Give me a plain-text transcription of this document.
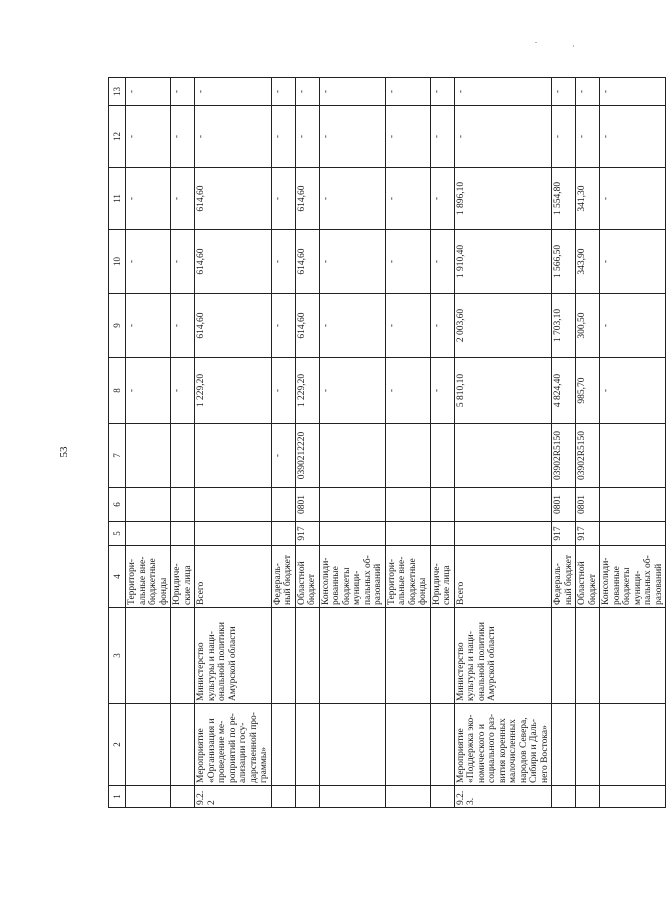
53
.
·
1	2	3	4	5	6	7	8	9	10	11	12	13
			Территори-альные вне-бюджетные фонды				-	-	-	-	-	-
			Юридиче-ские лица				-	-	-	-	-	-
9.2.2	Мероприятие «Организация и проведение ме-роприятий по ре-ализации госу-дарственной про-граммы»	Министерство культуры и наци-ональной политики Амурской области	Всего				1 229,20	614,60	614,60	614,60	-	-
			Федераль-ный бюджет			-	-	-	-	-	-	-
			Областной бюджет	917	0801	0390212220	1 229,20	614,60	614,60	614,60	-	-
			Консолиди-рованные бюджеты муници-пальных об-разований				-	-	-	-	-	-
			Территори-альные вне-бюджетные фонды				-	-	-	-	-	-
			Юридиче-ские лица				-	-	-	-	-	-
9.2.3.	Мероприятие «Поддержка эко-номического и социального раз-вития коренных малочисленных народов Севера, Сибири и Даль-него Востока»	Министерство культуры и наци-ональной политики Амурской области	Всего				5 810,10	2 003,60	1 910,40	1 896,10	-	-
			Федераль-ный бюджет	917	0801	03902R5150	4 824,40	1 703,10	1 566,50	1 554,80	-	-
			Областной бюджет	917	0801	03902R5150	985,70	300,50	343,90	341,30	-	-
			Консолиди-рованные бюджеты муници-пальных об-разований				-	-	-	-	-	-
